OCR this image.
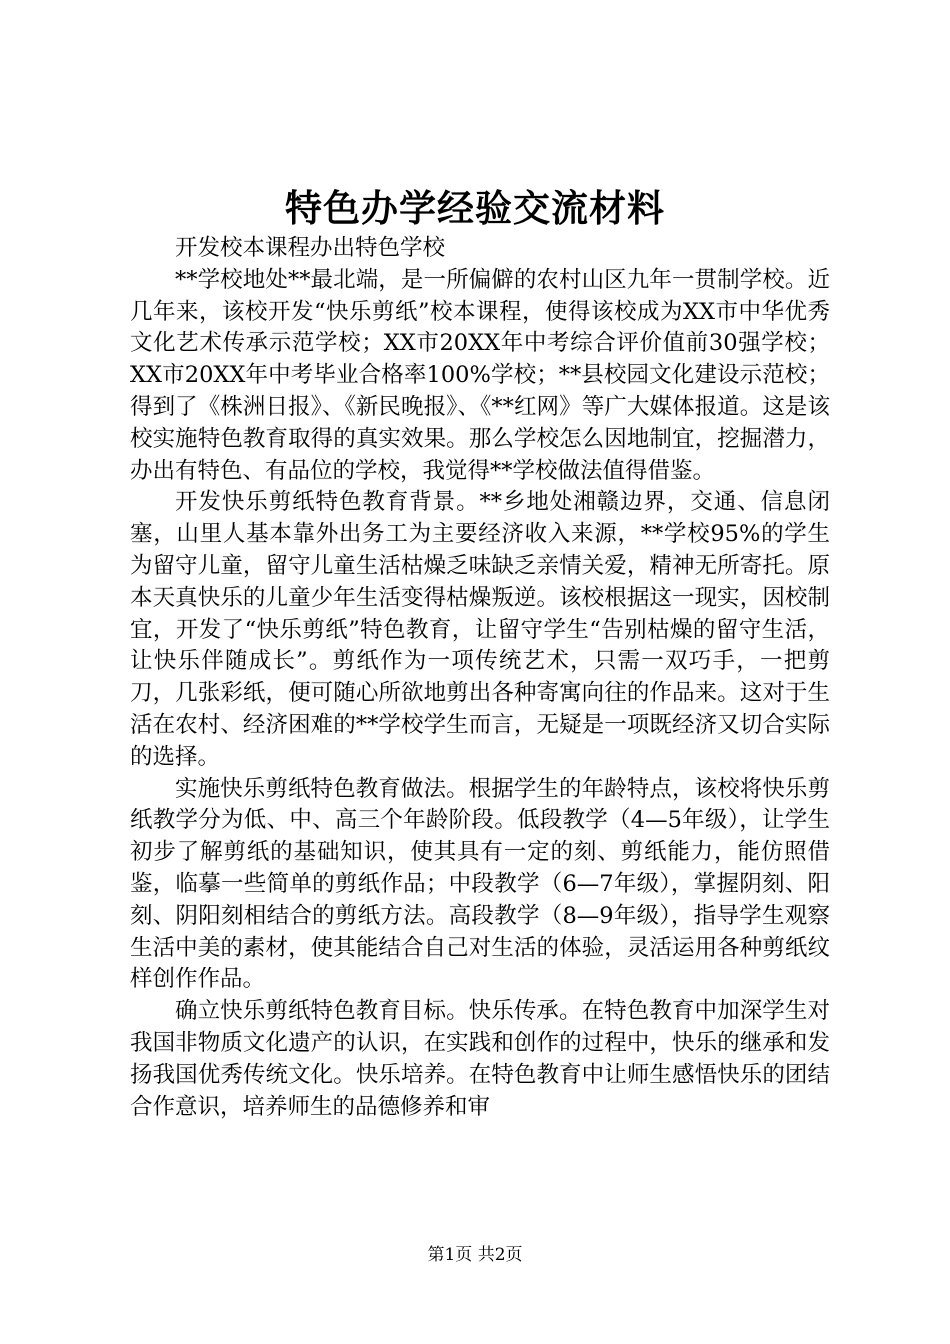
特色办学经验交流材料

开发校本课程办出特色学校

**学校地处**最北端，是一所偏僻的农村山区九年一贯制学校。近几年来，该校开发“快乐剪纸”校本课程，使得该校成为XX市中华优秀文化艺术传承示范学校；XX市20XX年中考综合评价值前30强学校；XX市20XX年中考毕业合格率100%学校；**县校园文化建设示范校；得到了《株洲日报》、《新民晚报》、《**红网》等广大媒体报道。这是该校实施特色教育取得的真实效果。那么学校怎么因地制宜，挖掘潜力，办出有特色、有品位的学校，我觉得**学校做法值得借鉴。

开发快乐剪纸特色教育背景。**乡地处湘赣边界，交通、信息闭塞，山里人基本靠外出务工为主要经济收入来源，**学校95%的学生为留守儿童，留守儿童生活枯燥乏味缺乏亲情关爱，精神无所寄托。原本天真快乐的儿童少年生活变得枯燥叛逆。该校根据这一现实，因校制宜，开发了“快乐剪纸”特色教育，让留守学生“告别枯燥的留守生活，让快乐伴随成长”。剪纸作为一项传统艺术，只需一双巧手，一把剪刀，几张彩纸，便可随心所欲地剪出各种寄寓向往的作品来。这对于生活在农村、经济困难的**学校学生而言，无疑是一项既经济又切合实际的选择。

实施快乐剪纸特色教育做法。根据学生的年龄特点，该校将快乐剪纸教学分为低、中、高三个年龄阶段。低段教学（4—5年级），让学生初步了解剪纸的基础知识，使其具有一定的刻、剪纸能力，能仿照借鉴，临摹一些简单的剪纸作品；中段教学（6—7年级），掌握阴刻、阳刻、阴阳刻相结合的剪纸方法。高段教学（8—9年级），指导学生观察生活中美的素材，使其能结合自己对生活的体验，灵活运用各种剪纸纹样创作作品。

确立快乐剪纸特色教育目标。快乐传承。在特色教育中加深学生对我国非物质文化遗产的认识，在实践和创作的过程中，快乐的继承和发扬我国优秀传统文化。快乐培养。在特色教育中让师生感悟快乐的团结合作意识，培养师生的品德修养和审

第1页 共2页
